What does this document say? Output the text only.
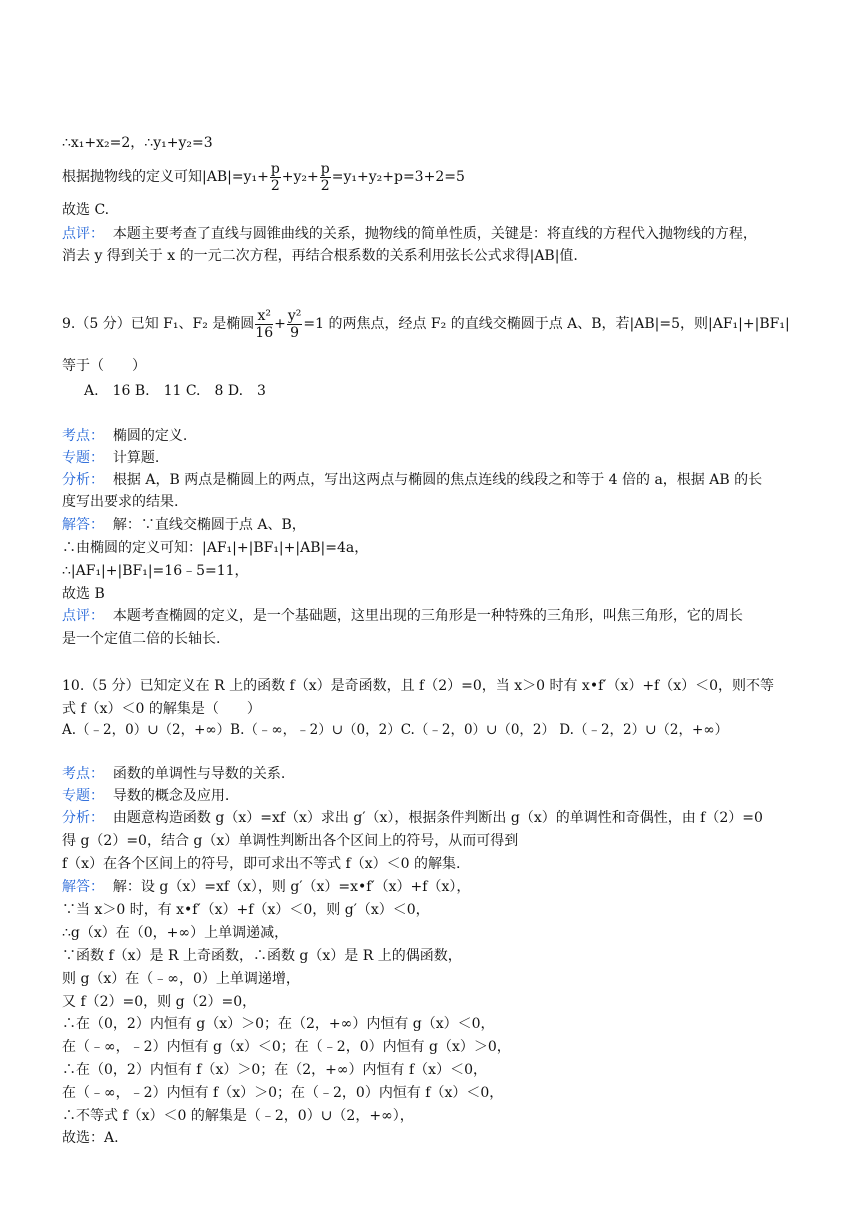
∴x₁+x₂=2，∴y₁+y₂=3
根据抛物线的定义可知$|AB|=y_1+ \frac{p}{2} +y_2+ \frac{p}{2} =y_1+y_2+p=3+2=5$
故选 C.
点评： 本题主要考查了直线与圆锥曲线的关系，抛物线的简单性质，关键是：将直线的方程代入抛物线的方程，
消去 y 得到关于 x 的一元二次方程，再结合根系数的关系利用弦长公式求得|AB|值.
9.（5 分）已知 F₁、F₂ 是椭圆 $\frac{\text{x²}}{16} + \frac{\text{y²}}{9} =1$ 的两焦点，经点 F₂ 的直线交椭圆于点 A、B，若|AB|=5，则|AF₁|+|BF₁|
等于（　　）
A.　16 B.　11 C.　8 D.　3
考点： 椭圆的定义.
专题： 计算题.
分析： 根据 A，B 两点是椭圆上的两点，写出这两点与椭圆的焦点连线的线段之和等于 4 倍的 a，根据 AB 的长
度写出要求的结果.
解答： 解：∵直线交椭圆于点 A、B，
∴由椭圆的定义可知：|AF₁|+|BF₁|+|AB|=4a，
∴|AF₁|+|BF₁|=16﹣5=11，
故选 B
点评： 本题考查椭圆的定义，是一个基础题，这里出现的三角形是一种特殊的三角形，叫焦三角形，它的周长
是一个定值二倍的长轴长.
10.（5 分）已知定义在 R 上的函数 f（x）是奇函数，且 f（2）=0，当 x＞0 时有 x•f′（x）+f（x）＜0，则不等
式 f（x）＜0 的解集是（　　）
A.（﹣2，0）∪（2，+∞）B.（﹣∞，﹣2）∪（0，2）C.（﹣2，0）∪（0，2） D.（﹣2，2）∪（2，+∞）
考点： 函数的单调性与导数的关系.
专题： 导数的概念及应用.
分析： 由题意构造函数 g（x）=xf（x）求出 g′（x），根据条件判断出 g（x）的单调性和奇偶性，由 f（2）=0
得 g（2）=0，结合 g（x）单调性判断出各个区间上的符号，从而可得到
f（x）在各个区间上的符号，即可求出不等式 f（x）＜0 的解集.
解答： 解：设 g（x）=xf（x），则 g′（x）=x•f′（x）+f（x），
∵当 x＞0 时，有 x•f′（x）+f（x）＜0，则 g′（x）＜0，
∴g（x）在（0，+∞）上单调递减，
∵函数 f（x）是 R 上奇函数，∴函数 g（x）是 R 上的偶函数，
则 g（x）在（﹣∞，0）上单调递增，
又 f（2）=0，则 g（2）=0，
∴在（0，2）内恒有 g（x）＞0；在（2，+∞）内恒有 g（x）＜0，
在（﹣∞，﹣2）内恒有 g（x）＜0；在（﹣2，0）内恒有 g（x）＞0，
∴在（0，2）内恒有 f（x）＞0；在（2，+∞）内恒有 f（x）＜0，
在（﹣∞，﹣2）内恒有 f（x）＞0；在（﹣2，0）内恒有 f（x）＜0，
∴不等式 f（x）＜0 的解集是（﹣2，0）∪（2，+∞），
故选：A.
